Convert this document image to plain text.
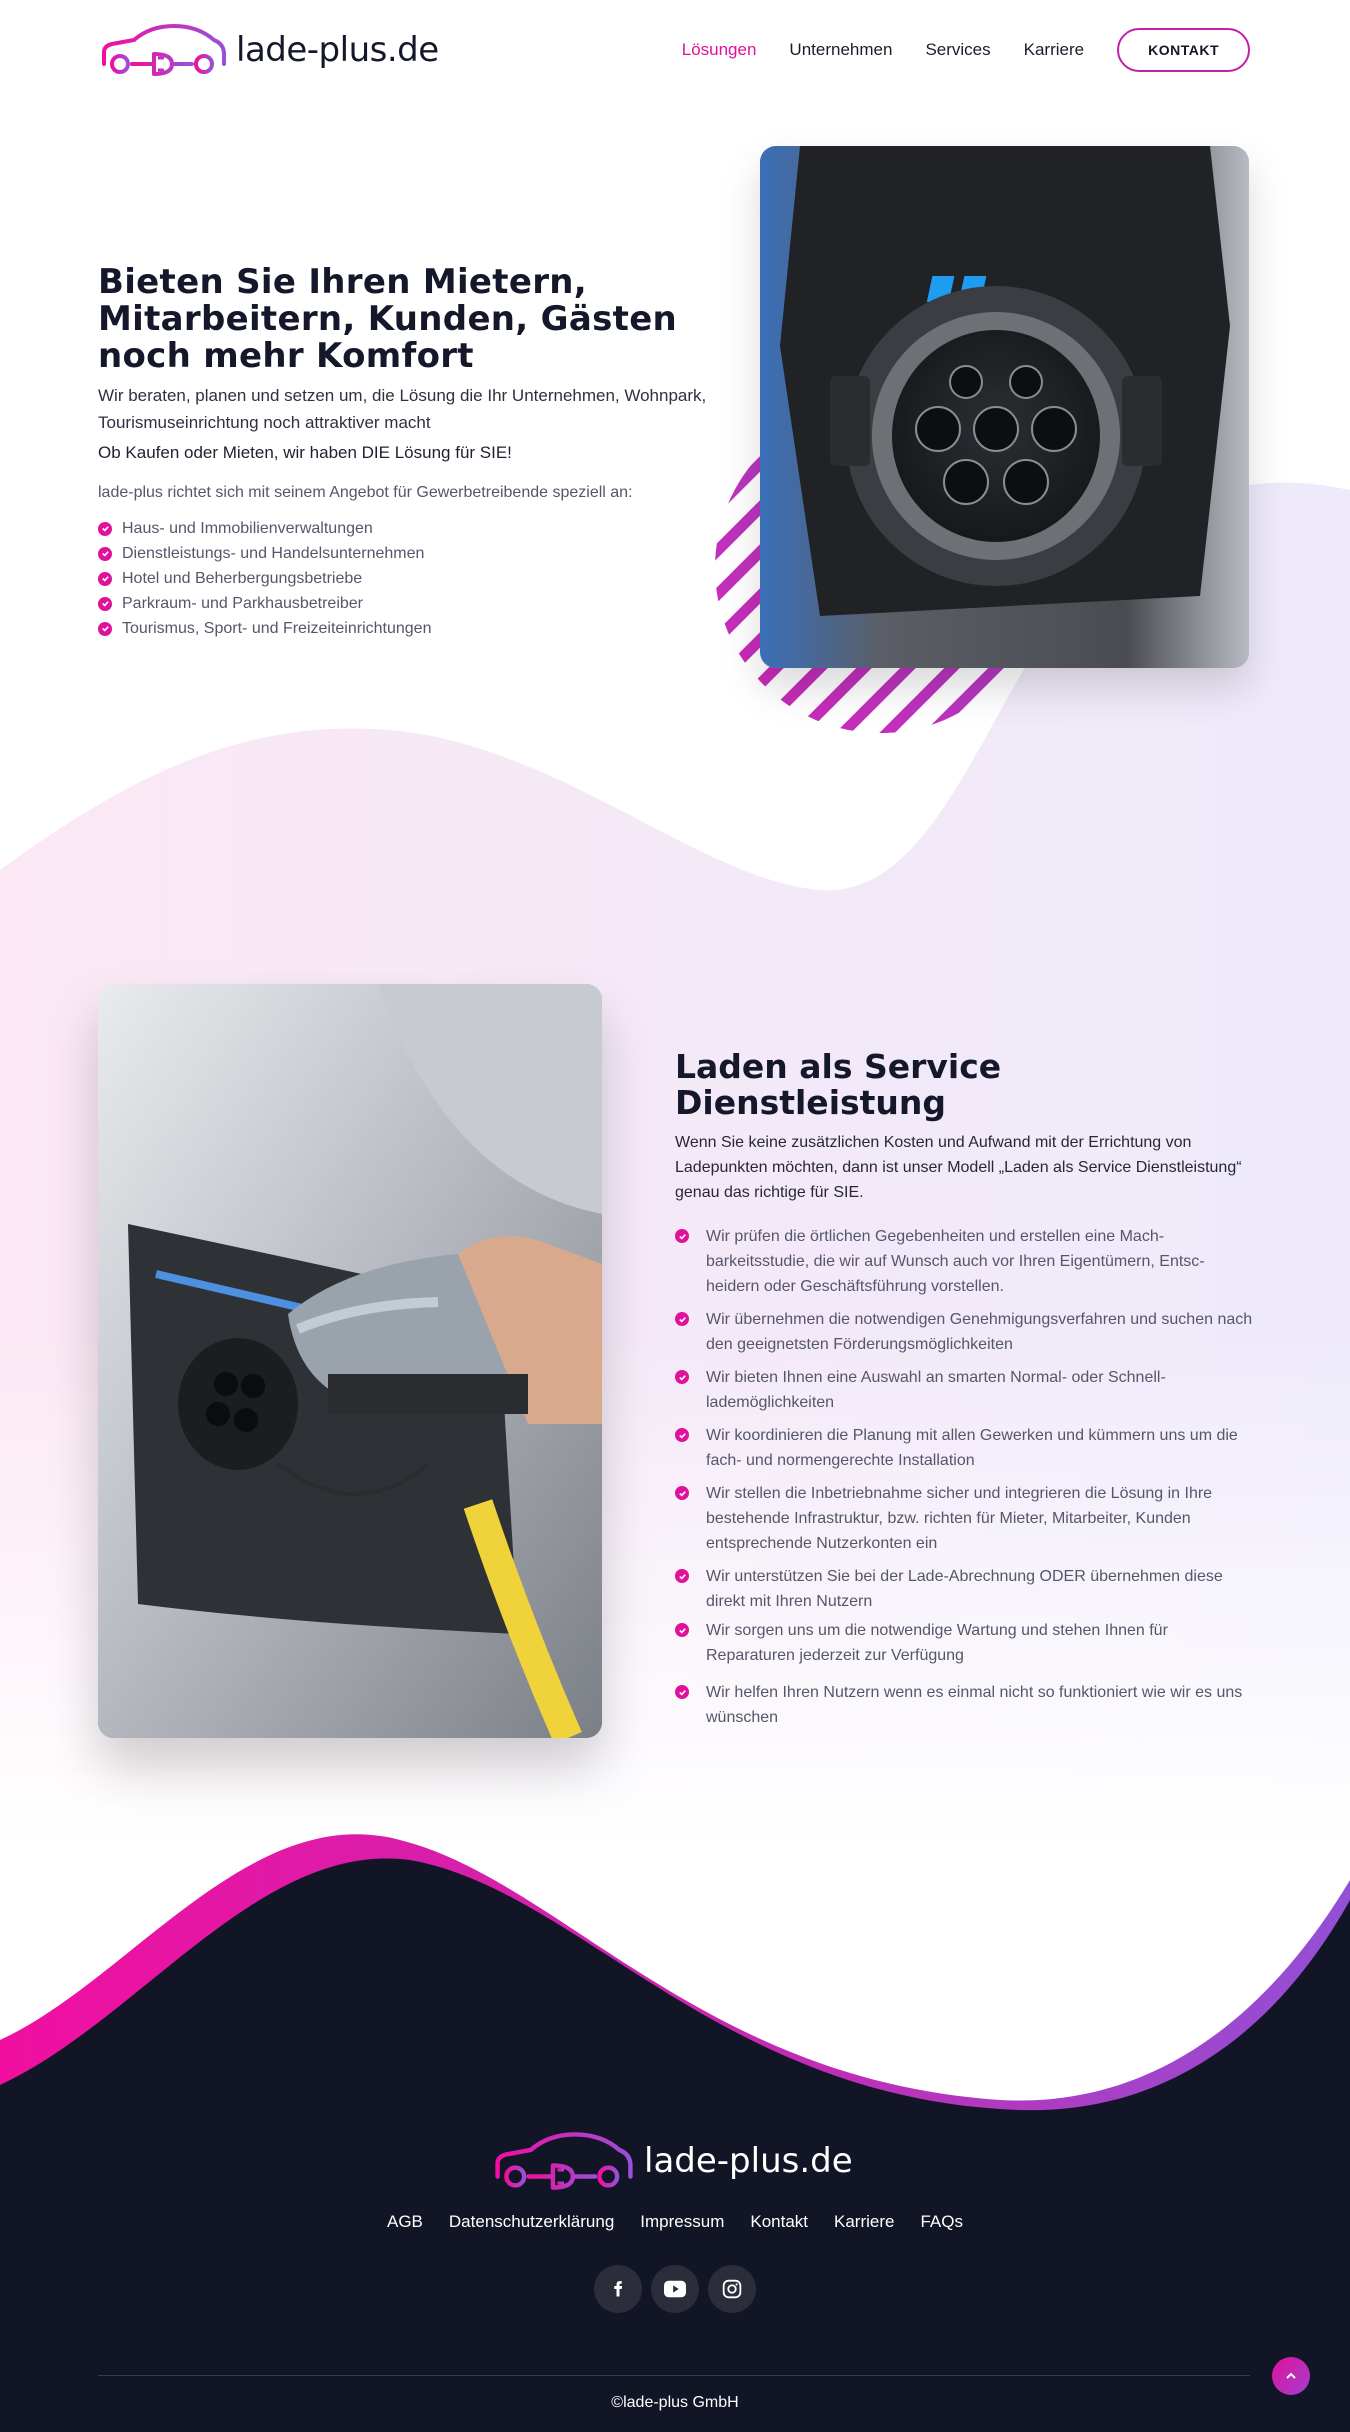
lade-plus.de	Lösungen Unternehmen Services Karriere	KONTAKT
Bieten Sie Ihren Mietern, Mitarbeitern, Kunden, Gästen noch mehr Komfort

Wir beraten, planen und setzen um, die Lösung die Ihr Unternehmen, Wohnpark, Tourismuseinrichtung noch attraktiver macht

Ob Kaufen oder Mieten, wir haben DIE Lösung für SIE!

lade-plus richtet sich mit seinem Angebot für Gewerbetreibende speziell an:

Haus- und Immobilienverwaltungen
Dienstleistungs- und Handelsunternehmen
Hotel und Beherbergungsbetriebe
Parkraum- und Parkhausbetreiber
Tourismus, Sport- und Freizeiteinrichtungen
Laden als Service Dienstleistung

Wenn Sie keine zusätzlichen Kosten und Aufwand mit der Errichtung von Ladepunkten möchten, dann ist unser Modell „Laden als Service Dienstleistung“ genau das richtige für SIE.

Wir prüfen die örtlichen Gegebenheiten und erstellen eine Mach-barkeitsstudie, die wir auf Wunsch auch vor Ihren Eigentümern, Entsc-heidern oder Geschäftsführung vorstellen.
Wir übernehmen die notwendigen Genehmigungsverfahren und suchen nach den geeignetsten Förderungsmöglichkeiten
Wir bieten Ihnen eine Auswahl an smarten Normal- oder Schnell-lademöglichkeiten
Wir koordinieren die Planung mit allen Gewerken und kümmern uns um die fach- und normengerechte Installation
Wir stellen die Inbetriebnahme sicher und integrieren die Lösung in Ihre bestehende Infrastruktur, bzw. richten für Mieter, Mitarbeiter, Kunden entsprechende Nutzerkonten ein
Wir unterstützen Sie bei der Lade-Abrechnung ODER übernehmen diese direkt mit Ihren Nutzern
Wir sorgen uns um die notwendige Wartung und stehen Ihnen für Reparaturen jederzeit zur Verfügung
Wir helfen Ihren Nutzern wenn es einmal nicht so funktioniert wie wir es uns wünschen
lade-plus.de
AGB Datenschutzerklärung Impressum Kontakt Karriere FAQs
©lade-plus GmbH
